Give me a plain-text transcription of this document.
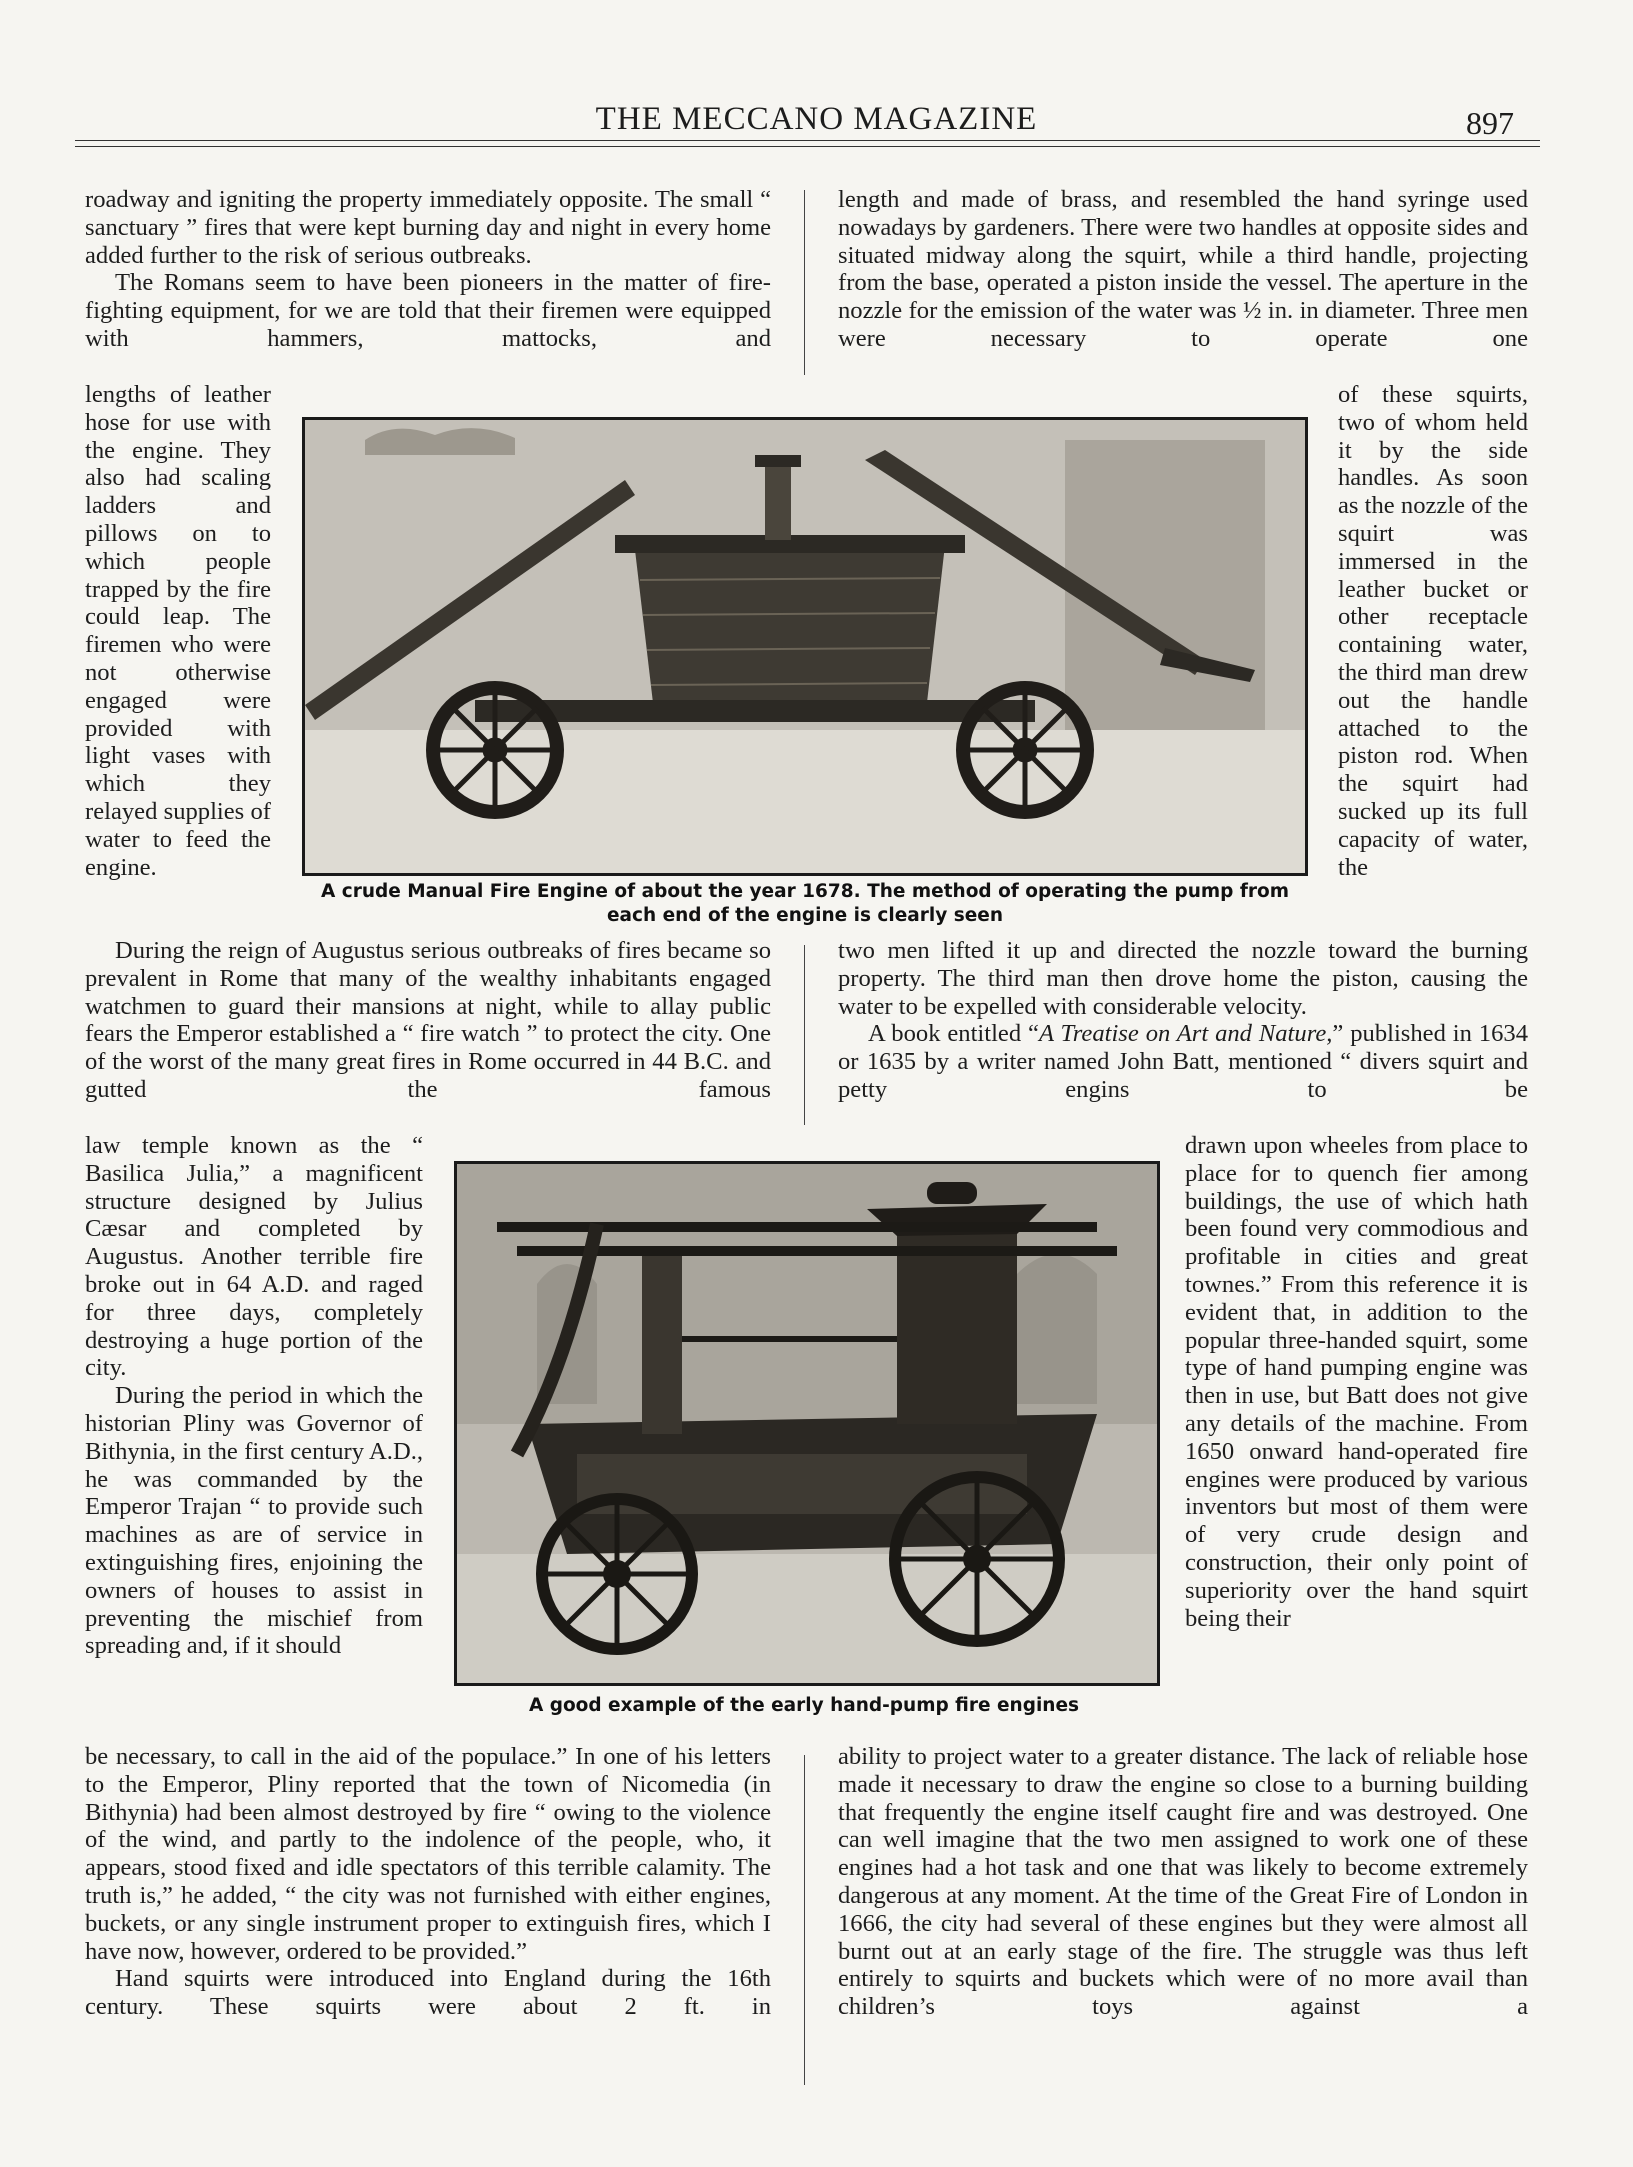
THE MECCANO MAGAZINE	897

roadway and igniting the property immediately opposite. The small “ sanctuary ” fires that were kept burning day and night in every home added further to the risk of serious outbreaks.

The Romans seem to have been pioneers in the matter of fire-fighting equipment, for we are told that their firemen were equipped with hammers, mattocks, and

lengths of leather hose for use with the engine. They also had scaling ladders and pillows on to which people trapped by the fire could leap. The firemen who were not otherwise engaged were provided with light vases with which they relayed supplies of water to feed the engine.

During the reign of Augustus serious outbreaks of fires became so prevalent in Rome that many of the wealthy inhabitants engaged watchmen to guard their mansions at night, while to allay public fears the Emperor established a “ fire watch ” to protect the city. One of the worst of the many great fires in Rome occurred in 44 B.C. and gutted the famous

law temple known as the “ Basilica Julia,” a magnificent structure designed by Julius Cæsar and completed by Augustus. Another terrible fire broke out in 64 A.D. and raged for three days, completely destroying a huge portion of the city.

During the period in which the historian Pliny was Governor of Bithynia, in the first century A.D., he was commanded by the Emperor Trajan “ to provide such machines as are of service in extinguishing fires, enjoining the owners of houses to assist in preventing the mischief from spreading and, if it should

be necessary, to call in the aid of the populace.” In one of his letters to the Emperor, Pliny reported that the town of Nicomedia (in Bithynia) had been almost destroyed by fire “ owing to the violence of the wind, and partly to the indolence of the people, who, it appears, stood fixed and idle spectators of this terrible calamity. The truth is,” he added, “ the city was not furnished with either engines, buckets, or any single instrument proper to extinguish fires, which I have now, however, ordered to be provided.”

Hand squirts were introduced into England during the 16th century. These squirts were about 2 ft. in

length and made of brass, and resembled the hand syringe used nowadays by gardeners. There were two handles at opposite sides and situated midway along the squirt, while a third handle, projecting from the base, operated a piston inside the vessel. The aperture in the nozzle for the emission of the water was ½ in. in diameter. Three men were necessary to operate one

of these squirts, two of whom held it by the side handles. As soon as the nozzle of the squirt was immersed in the leather bucket or other receptacle containing water, the third man drew out the handle attached to the piston rod. When the squirt had sucked up its full capacity of water, the

two men lifted it up and directed the nozzle toward the burning property. The third man then drove home the piston, causing the water to be expelled with considerable velocity.

A book entitled “A Treatise on Art and Nature,” published in 1634 or 1635 by a writer named John Batt, mentioned “ divers squirt and petty engins to be

drawn upon wheeles from place to place for to quench fier among buildings, the use of which hath been found very commodious and profitable in cities and great townes.” From this reference it is evident that, in addition to the popular three-handed squirt, some type of hand pumping engine was then in use, but Batt does not give any details of the machine. From 1650 onward hand-operated fire engines were produced by various inventors but most of them were of very crude design and construction, their only point of superiority over the hand squirt being their

ability to project water to a greater distance. The lack of reliable hose made it necessary to draw the engine so close to a burning building that frequently the engine itself caught fire and was destroyed. One can well imagine that the two men assigned to work one of these engines had a hot task and one that was likely to become extremely dangerous at any moment. At the time of the Great Fire of London in 1666, the city had several of these engines but they were almost all burnt out at an early stage of the fire. The struggle was thus left entirely to squirts and buckets which were of no more avail than children’s toys against a

A crude Manual Fire Engine of about the year 1678. The method of operating the pump from
each end of the engine is clearly seen
A good example of the early hand-pump fire engines
